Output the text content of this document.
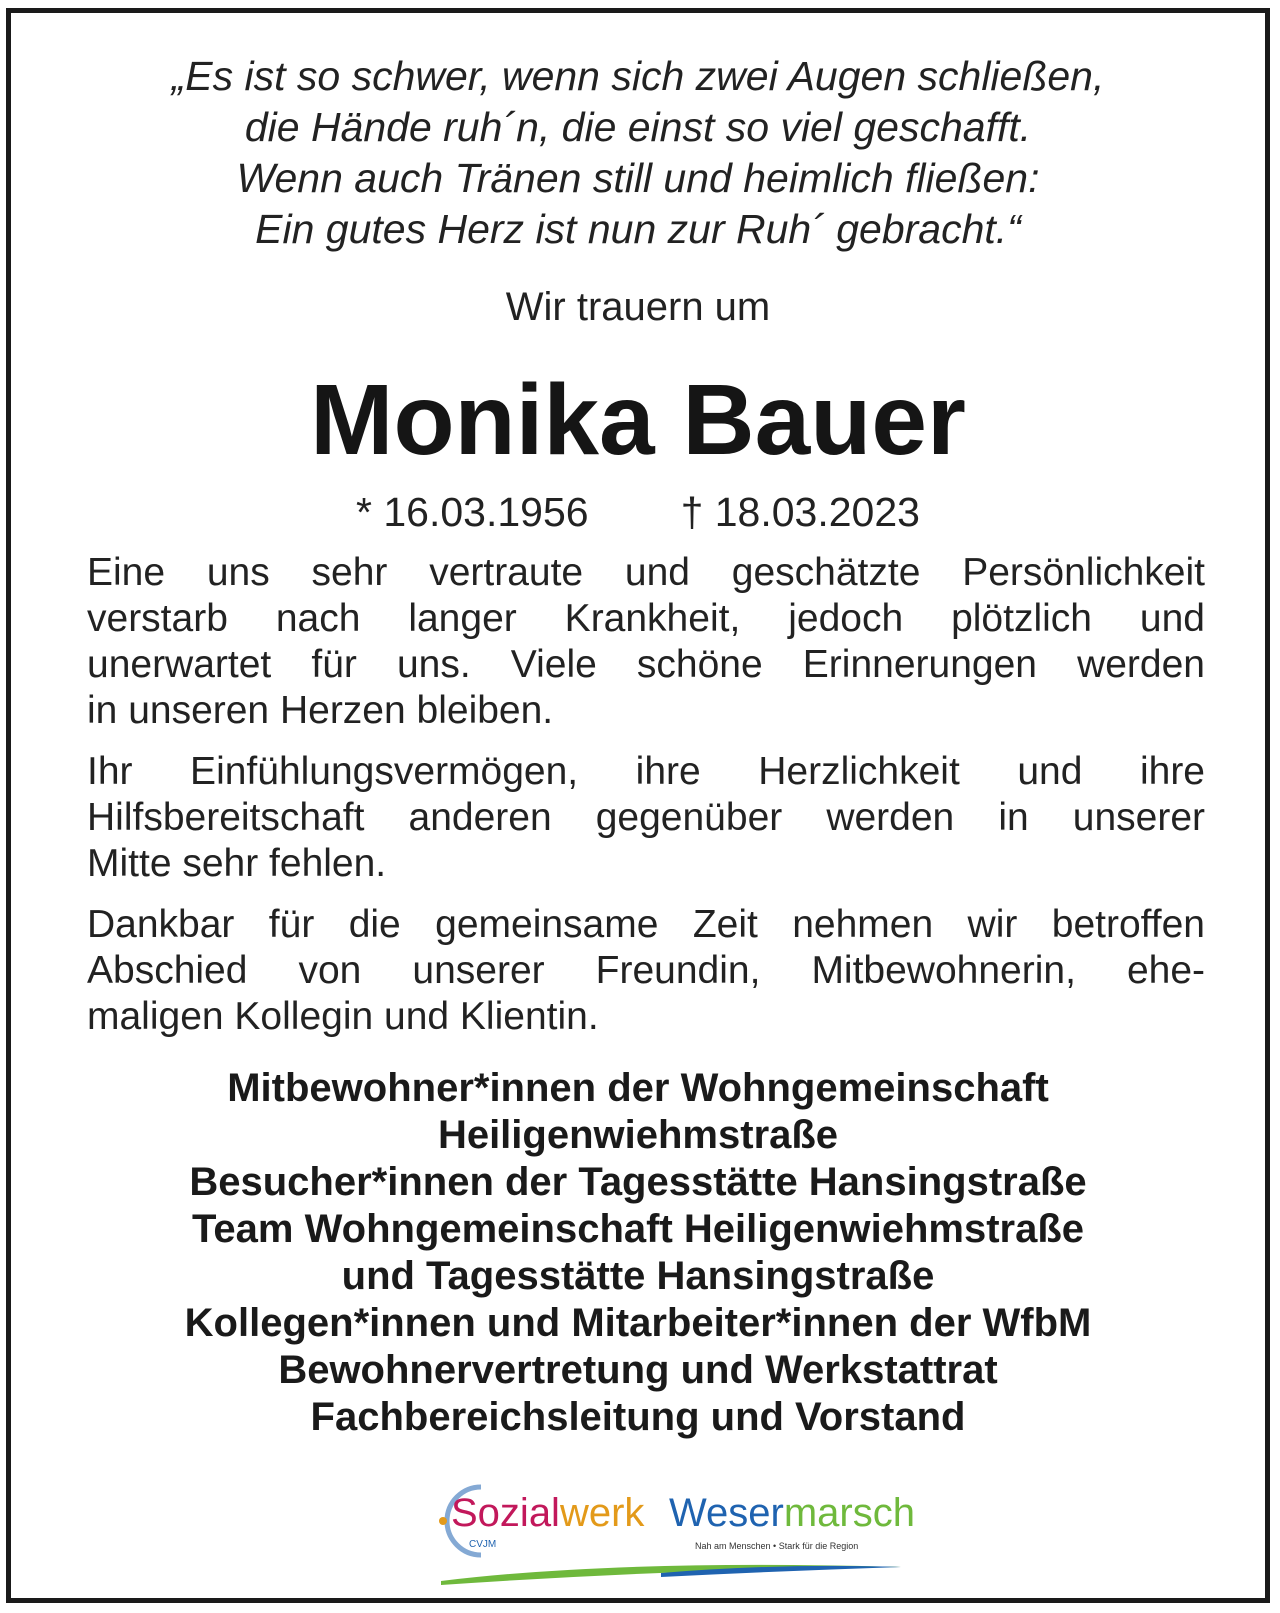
„Es ist so schwer, wenn sich zwei Augen schließen,
die Hände ruh´n, die einst so viel geschafft.
Wenn auch Tränen still und heimlich fließen:
Ein gutes Herz ist nun zur Ruh´ gebracht.“
Wir trauern um
Monika Bauer
* 16.03.1956 † 18.03.2023
Eine uns sehr vertraute und geschätzte Persönlichkeit
verstarb nach langer Krankheit, jedoch plötzlich und
unerwartet für uns. Viele schöne Erinnerungen werden
in unseren Herzen bleiben.
Ihr Einfühlungsvermögen, ihre Herzlichkeit und ihre
Hilfsbereitschaft anderen gegenüber werden in unserer
Mitte sehr fehlen.
Dankbar für die gemeinsame Zeit nehmen wir betroffen
Abschied von unserer Freundin, Mitbewohnerin, ehe-
maligen Kollegin und Klientin.
Mitbewohner*innen der Wohngemeinschaft
Heiligenwiehmstraße
Besucher*innen der Tagesstätte Hansingstraße
Team Wohngemeinschaft Heiligenwiehmstraße
und Tagesstätte Hansingstraße
Kollegen*innen und Mitarbeiter*innen der WfbM
Bewohnervertretung und Werkstattrat
Fachbereichsleitung und Vorstand
Sozialwerk Wesermarsch
CVJM	Nah am Menschen • Stark für die Region
